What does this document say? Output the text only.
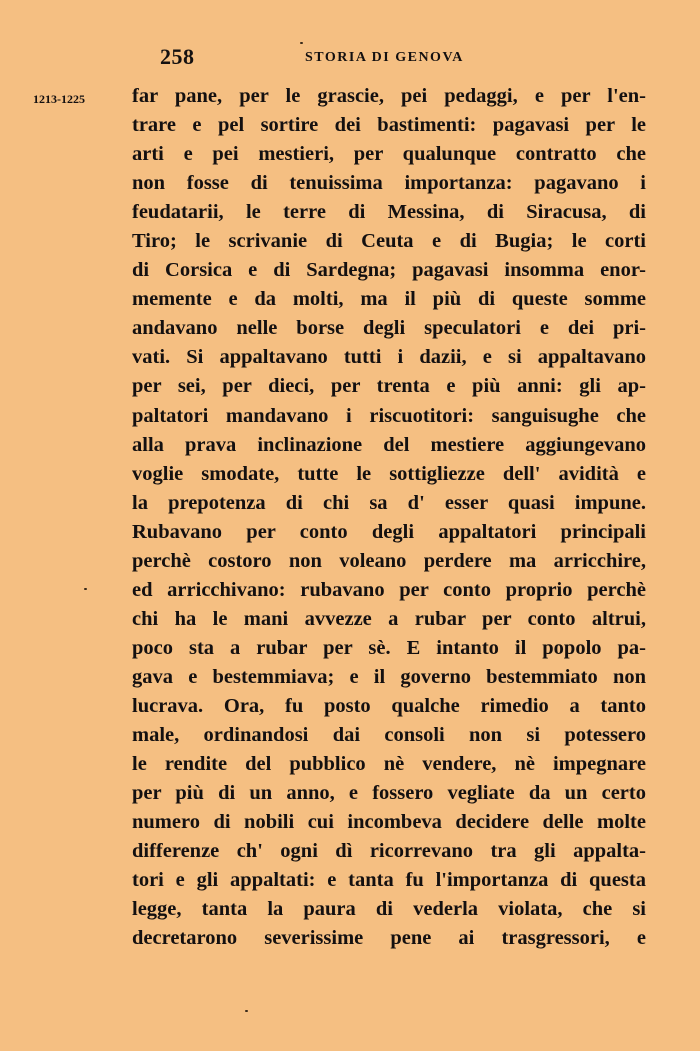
258	STORIA DI GENOVA
1213-1225 far pane, per le grascie, pei pedaggi, e per l'en-
trare e pel sortire dei bastimenti: pagavasi per le
arti e pei mestieri, per qualunque contratto che
non fosse di tenuissima importanza: pagavano i
feudatarii, le terre di Messina, di Siracusa, di
Tiro; le scrivanie di Ceuta e di Bugia; le corti
di Corsica e di Sardegna; pagavasi insomma enor-
memente e da molti, ma il più di queste somme
andavano nelle borse degli speculatori e dei pri-
vati. Si appaltavano tutti i dazii, e si appaltavano
per sei, per dieci, per trenta e più anni: gli ap-
paltatori mandavano i riscuotitori: sanguisughe che
alla prava inclinazione del mestiere aggiungevano
voglie smodate, tutte le sottigliezze dell' avidità e
la prepotenza di chi sa d' esser quasi impune.
Rubavano per conto degli appaltatori principali
perchè costoro non voleano perdere ma arricchire,
ed arricchivano: rubavano per conto proprio perchè
chi ha le mani avvezze a rubar per conto altrui,
poco sta a rubar per sè. E intanto il popolo pa-
gava e bestemmiava; e il governo bestemmiato non
lucrava. Ora, fu posto qualche rimedio a tanto
male, ordinandosi dai consoli non si potessero
le rendite del pubblico nè vendere, nè impegnare
per più di un anno, e fossero vegliate da un certo
numero di nobili cui incombeva decidere delle molte
differenze ch' ogni dì ricorrevano tra gli appalta-
tori e gli appaltati: e tanta fu l'importanza di questa
legge, tanta la paura di vederla violata, che si
decretarono severissime pene ai trasgressori, e
